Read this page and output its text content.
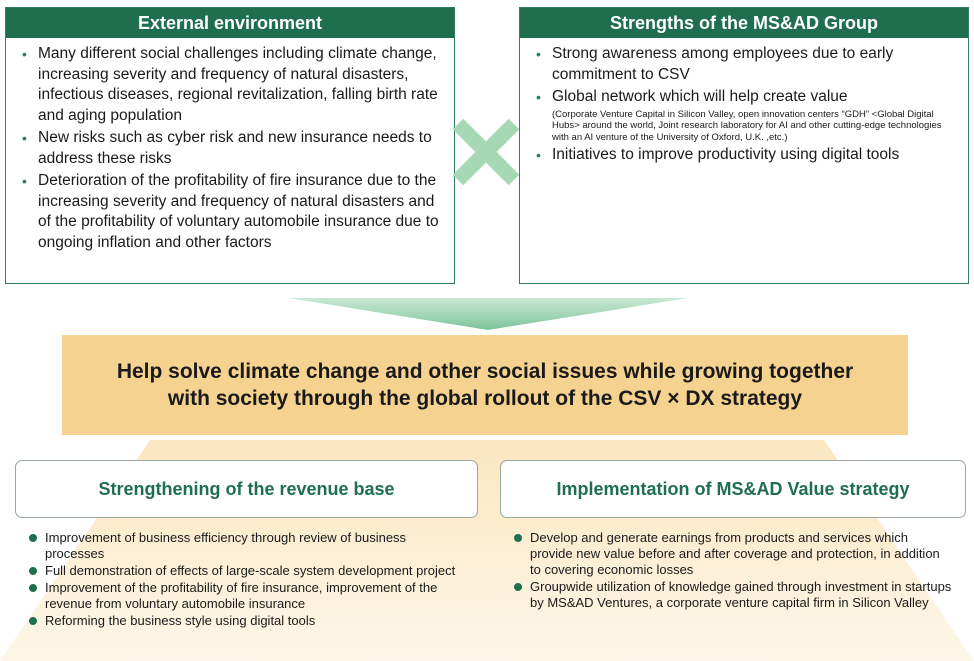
External environment
• Many different social challenges including climate change, increasing severity and frequency of natural disasters, infectious diseases, regional revitalization, falling birth rate and aging population
• New risks such as cyber risk and new insurance needs to address these risks
• Deterioration of the profitability of fire insurance due to the increasing severity and frequency of natural disasters and of the profitability of voluntary automobile insurance due to ongoing inflation and other factors
Strengths of the MS&AD Group
• Strong awareness among employees due to early commitment to CSV
• Global network which will help create value
(Corporate Venture Capital in Silicon Valley, open innovation centers “GDH” <Global Digital Hubs> around the world, Joint research laboratory for AI and other cutting-edge technologies with an AI venture of the University of Oxford, U.K. ,etc.)
• Initiatives to improve productivity using digital tools
Help solve climate change and other social issues while growing together
with society through the global rollout of the CSV × DX strategy
Strengthening of the revenue base
Improvement of business efficiency through review of business processes
Full demonstration of effects of large-scale system development project
Improvement of the profitability of fire insurance, improvement of the revenue from voluntary automobile insurance
Reforming the business style using digital tools
Implementation of MS&AD Value strategy
Develop and generate earnings from products and services which provide new value before and after coverage and protection, in addition to covering economic losses
Groupwide utilization of knowledge gained through investment in startups by MS&AD Ventures, a corporate venture capital firm in Silicon Valley
